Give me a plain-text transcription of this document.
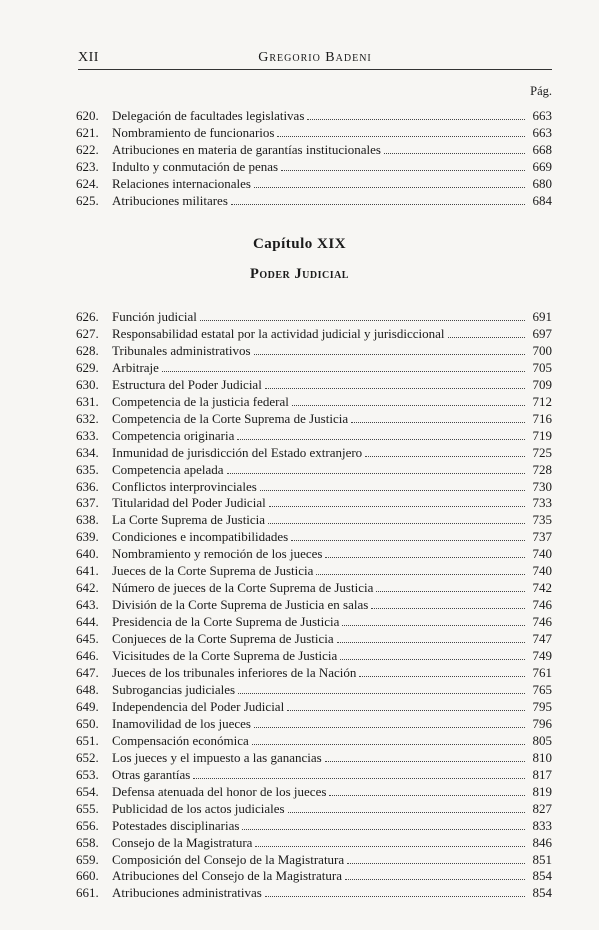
XII	Gregorio Badeni
Pág.
620.	Delegación de facultades legislativas	663
621.	Nombramiento de funcionarios	663
622.	Atribuciones en materia de garantías institucionales	668
623.	Indulto y conmutación de penas	669
624.	Relaciones internacionales	680
625.	Atribuciones militares	684
Capítulo XIX
Poder Judicial
626.	Función judicial	691
627.	Responsabilidad estatal por la actividad judicial y jurisdiccional	697
628.	Tribunales administrativos	700
629.	Arbitraje	705
630.	Estructura del Poder Judicial	709
631.	Competencia de la justicia federal	712
632.	Competencia de la Corte Suprema de Justicia	716
633.	Competencia originaria	719
634.	Inmunidad de jurisdicción del Estado extranjero	725
635.	Competencia apelada	728
636.	Conflictos interprovinciales	730
637.	Titularidad del Poder Judicial	733
638.	La Corte Suprema de Justicia	735
639.	Condiciones e incompatibilidades	737
640.	Nombramiento y remoción de los jueces	740
641.	Jueces de la Corte Suprema de Justicia	740
642.	Número de jueces de la Corte Suprema de Justicia	742
643.	División de la Corte Suprema de Justicia en salas	746
644.	Presidencia de la Corte Suprema de Justicia	746
645.	Conjueces de la Corte Suprema de Justicia	747
646.	Vicisitudes de la Corte Suprema de Justicia	749
647.	Jueces de los tribunales inferiores de la Nación	761
648.	Subrogancias judiciales	765
649.	Independencia del Poder Judicial	795
650.	Inamovilidad de los jueces	796
651.	Compensación económica	805
652.	Los jueces y el impuesto a las ganancias	810
653.	Otras garantías	817
654.	Defensa atenuada del honor de los jueces	819
655.	Publicidad de los actos judiciales	827
656.	Potestades disciplinarias	833
658.	Consejo de la Magistratura	846
659.	Composición del Consejo de la Magistratura	851
660.	Atribuciones del Consejo de la Magistratura	854
661.	Atribuciones administrativas	854
